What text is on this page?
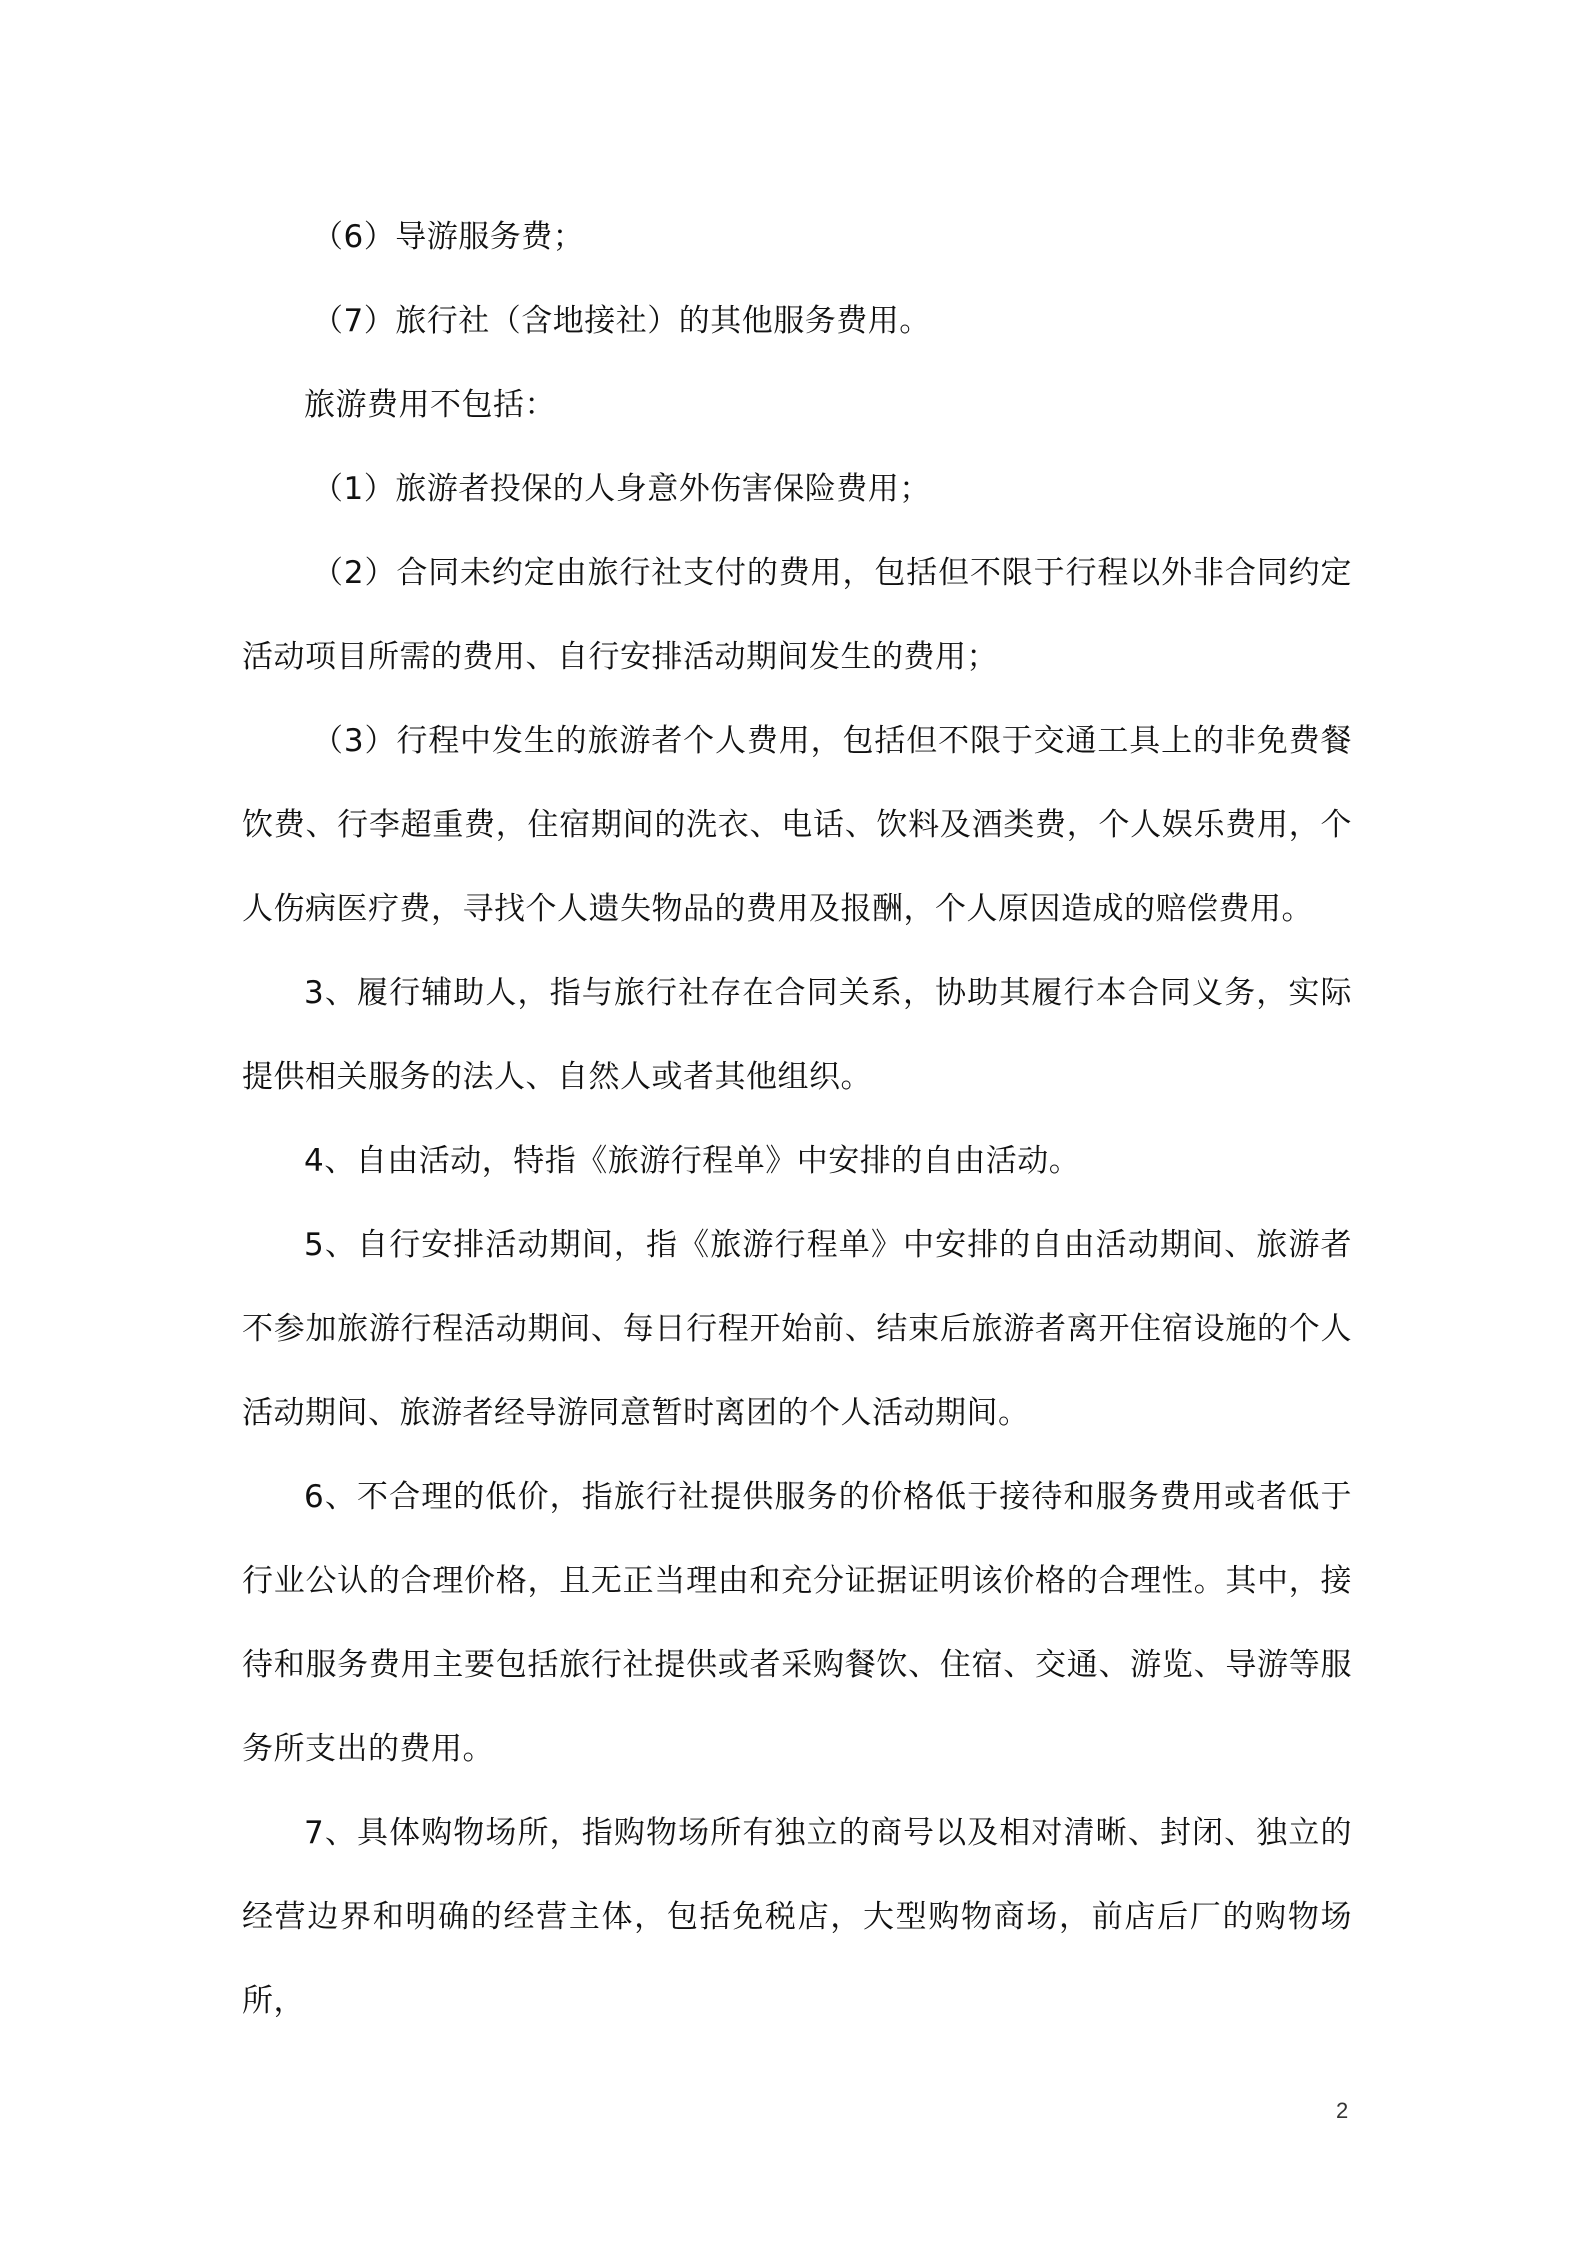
（6）导游服务费；

（7）旅行社（含地接社）的其他服务费用。

旅游费用不包括：

（1）旅游者投保的人身意外伤害保险费用；

（2）合同未约定由旅行社支付的费用，包括但不限于行程以外非合同约定活动项目所需的费用、自行安排活动期间发生的费用；

（3）行程中发生的旅游者个人费用，包括但不限于交通工具上的非免费餐饮费、行李超重费，住宿期间的洗衣、电话、饮料及酒类费，个人娱乐费用，个人伤病医疗费，寻找个人遗失物品的费用及报酬，个人原因造成的赔偿费用。

3、履行辅助人，指与旅行社存在合同关系，协助其履行本合同义务，实际提供相关服务的法人、自然人或者其他组织。

4、自由活动，特指《旅游行程单》中安排的自由活动。

5、自行安排活动期间，指《旅游行程单》中安排的自由活动期间、旅游者不参加旅游行程活动期间、每日行程开始前、结束后旅游者离开住宿设施的个人活动期间、旅游者经导游同意暂时离团的个人活动期间。

6、不合理的低价，指旅行社提供服务的价格低于接待和服务费用或者低于行业公认的合理价格，且无正当理由和充分证据证明该价格的合理性。其中，接待和服务费用主要包括旅行社提供或者采购餐饮、住宿、交通、游览、导游等服务所支出的费用。

7、具体购物场所，指购物场所有独立的商号以及相对清晰、封闭、独立的经营边界和明确的经营主体，包括免税店，大型购物商场，前店后厂的购物场所，

2
